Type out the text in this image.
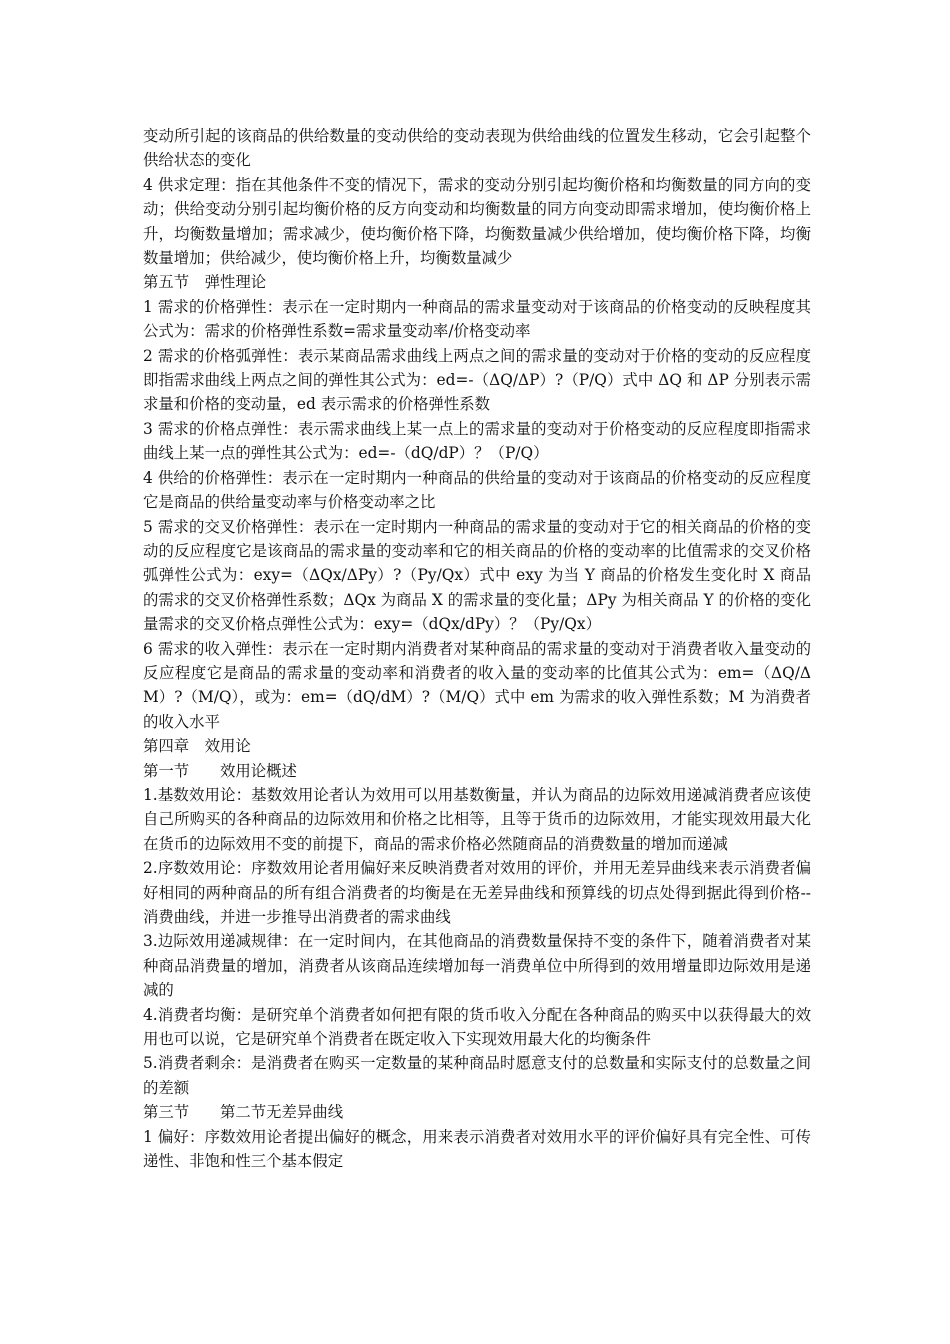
变动所引起的该商品的供给数量的变动供给的变动表现为供给曲线的位置发生移动，它会引起整个供给状态的变化

4 供求定理：指在其他条件不变的情况下，需求的变动分别引起均衡价格和均衡数量的同方向的变动；供给变动分别引起均衡价格的反方向变动和均衡数量的同方向变动即需求增加，使均衡价格上升，均衡数量增加；需求减少，使均衡价格下降，均衡数量减少供给增加，使均衡价格下降，均衡数量增加；供给减少，使均衡价格上升，均衡数量减少

第五节　弹性理论

1 需求的价格弹性：表示在一定时期内一种商品的需求量变动对于该商品的价格变动的反映程度其公式为：需求的价格弹性系数=需求量变动率/价格变动率

2 需求的价格弧弹性：表示某商品需求曲线上两点之间的需求量的变动对于价格的变动的反应程度即指需求曲线上两点之间的弹性其公式为：ed=-（ΔQ/ΔP）?（P/Q）式中 ΔQ 和 ΔP 分别表示需求量和价格的变动量，ed 表示需求的价格弹性系数

3 需求的价格点弹性：表示需求曲线上某一点上的需求量的变动对于价格变动的反应程度即指需求曲线上某一点的弹性其公式为：ed=-（dQ/dP）？（P/Q）

4 供给的价格弹性：表示在一定时期内一种商品的供给量的变动对于该商品的价格变动的反应程度它是商品的供给量变动率与价格变动率之比

5 需求的交叉价格弹性：表示在一定时期内一种商品的需求量的变动对于它的相关商品的价格的变动的反应程度它是该商品的需求量的变动率和它的相关商品的价格的变动率的比值需求的交叉价格弧弹性公式为：exy=（ΔQx/ΔPy）?（Py/Qx）式中 exy 为当 Y 商品的价格发生变化时 X 商品的需求的交叉价格弹性系数；ΔQx 为商品 X 的需求量的变化量；ΔPy 为相关商品 Y 的价格的变化量需求的交叉价格点弹性公式为：exy=（dQx/dPy）？（Py/Qx）

6 需求的收入弹性：表示在一定时期内消费者对某种商品的需求量的变动对于消费者收入量变动的反应程度它是商品的需求量的变动率和消费者的收入量的变动率的比值其公式为：em=（ΔQ/ΔM）?（M/Q），或为：em=（dQ/dM）?（M/Q）式中 em 为需求的收入弹性系数；M 为消费者的收入水平

第四章　效用论

第一节　　效用论概述

1.基数效用论：基数效用论者认为效用可以用基数衡量，并认为商品的边际效用递减消费者应该使自己所购买的各种商品的边际效用和价格之比相等，且等于货币的边际效用，才能实现效用最大化在货币的边际效用不变的前提下，商品的需求价格必然随商品的消费数量的增加而递减

2.序数效用论：序数效用论者用偏好来反映消费者对效用的评价，并用无差异曲线来表示消费者偏好相同的两种商品的所有组合消费者的均衡是在无差异曲线和预算线的切点处得到据此得到价格--消费曲线，并进一步推导出消费者的需求曲线

3.边际效用递减规律：在一定时间内，在其他商品的消费数量保持不变的条件下，随着消费者对某种商品消费量的增加，消费者从该商品连续增加每一消费单位中所得到的效用增量即边际效用是递减的

4.消费者均衡：是研究单个消费者如何把有限的货币收入分配在各种商品的购买中以获得最大的效用也可以说，它是研究单个消费者在既定收入下实现效用最大化的均衡条件

5.消费者剩余：是消费者在购买一定数量的某种商品时愿意支付的总数量和实际支付的总数量之间的差额

第三节　　第二节无差异曲线

1 偏好：序数效用论者提出偏好的概念，用来表示消费者对效用水平的评价偏好具有完全性、可传递性、非饱和性三个基本假定
